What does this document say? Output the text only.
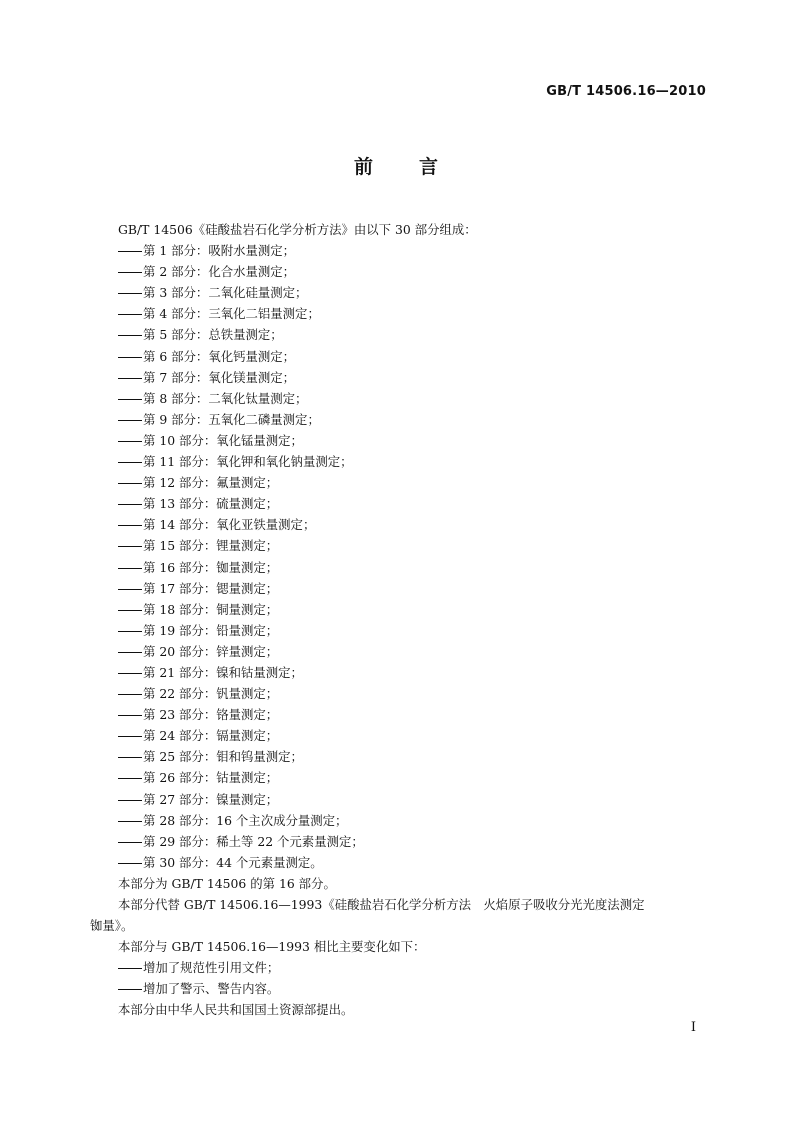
GB/T 14506.16—2010
前 言
GB/T 14506《硅酸盐岩石化学分析方法》由以下 30 部分组成：
第 1 部分：吸附水量测定；
第 2 部分：化合水量测定；
第 3 部分：二氧化硅量测定；
第 4 部分：三氧化二铝量测定；
第 5 部分：总铁量测定；
第 6 部分：氧化钙量测定；
第 7 部分：氧化镁量测定；
第 8 部分：二氧化钛量测定；
第 9 部分：五氧化二磷量测定；
第 10 部分：氧化锰量测定；
第 11 部分：氧化钾和氧化钠量测定；
第 12 部分：氟量测定；
第 13 部分：硫量测定；
第 14 部分：氧化亚铁量测定；
第 15 部分：锂量测定；
第 16 部分：铷量测定；
第 17 部分：锶量测定；
第 18 部分：铜量测定；
第 19 部分：铅量测定；
第 20 部分：锌量测定；
第 21 部分：镍和钴量测定；
第 22 部分：钒量测定；
第 23 部分：铬量测定；
第 24 部分：镉量测定；
第 25 部分：钼和钨量测定；
第 26 部分：钴量测定；
第 27 部分：镍量测定；
第 28 部分：16 个主次成分量测定；
第 29 部分：稀土等 22 个元素量测定；
第 30 部分：44 个元素量测定。
本部分为 GB/T 14506 的第 16 部分。
本部分代替 GB/T 14506.16—1993《硅酸盐岩石化学分析方法　火焰原子吸收分光光度法测定
铷量》。
本部分与 GB/T 14506.16—1993 相比主要变化如下：
增加了规范性引用文件；
增加了警示、警告内容。
本部分由中华人民共和国国土资源部提出。
I
